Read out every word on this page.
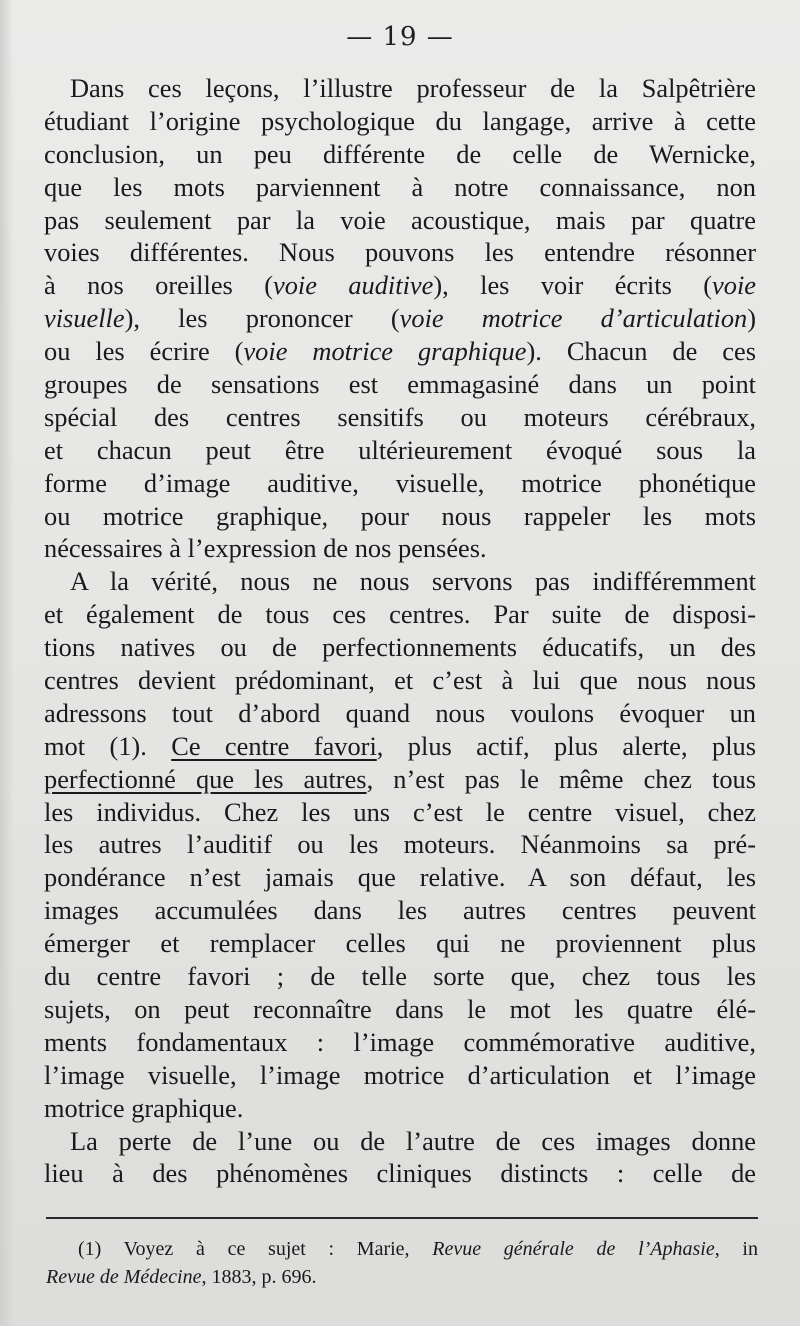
— 19 —
Dans ces leçons, l’illustre professeur de la Salpêtrière
étudiant l’origine psychologique du langage, arrive à cette
conclusion, un peu différente de celle de Wernicke,
que les mots parviennent à notre connaissance, non
pas seulement par la voie acoustique, mais par quatre
voies différentes. Nous pouvons les entendre résonner
à nos oreilles (voie auditive), les voir écrits (voie
visuelle), les prononcer (voie motrice d’articulation)
ou les écrire (voie motrice graphique). Chacun de ces
groupes de sensations est emmagasiné dans un point
spécial des centres sensitifs ou moteurs cérébraux,
et chacun peut être ultérieurement évoqué sous la
forme d’image auditive, visuelle, motrice phonétique
ou motrice graphique, pour nous rappeler les mots
nécessaires à l’expression de nos pensées.
A la vérité, nous ne nous servons pas indifféremment
et également de tous ces centres. Par suite de disposi-
tions natives ou de perfectionnements éducatifs, un des
centres devient prédominant, et c’est à lui que nous nous
adressons tout d’abord quand nous voulons évoquer un
mot (1). Ce centre favori, plus actif, plus alerte, plus
perfectionné que les autres, n’est pas le même chez tous
les individus. Chez les uns c’est le centre visuel, chez
les autres l’auditif ou les moteurs. Néanmoins sa pré-
pondérance n’est jamais que relative. A son défaut, les
images accumulées dans les autres centres peuvent
émerger et remplacer celles qui ne proviennent plus
du centre favori ; de telle sorte que, chez tous les
sujets, on peut reconnaître dans le mot les quatre élé-
ments fondamentaux : l’image commémorative auditive,
l’image visuelle, l’image motrice d’articulation et l’image
motrice graphique.
La perte de l’une ou de l’autre de ces images donne
lieu à des phénomènes cliniques distincts : celle de
(1) Voyez à ce sujet : Marie, Revue générale de l’Aphasie, in
Revue de Médecine, 1883, p. 696.
